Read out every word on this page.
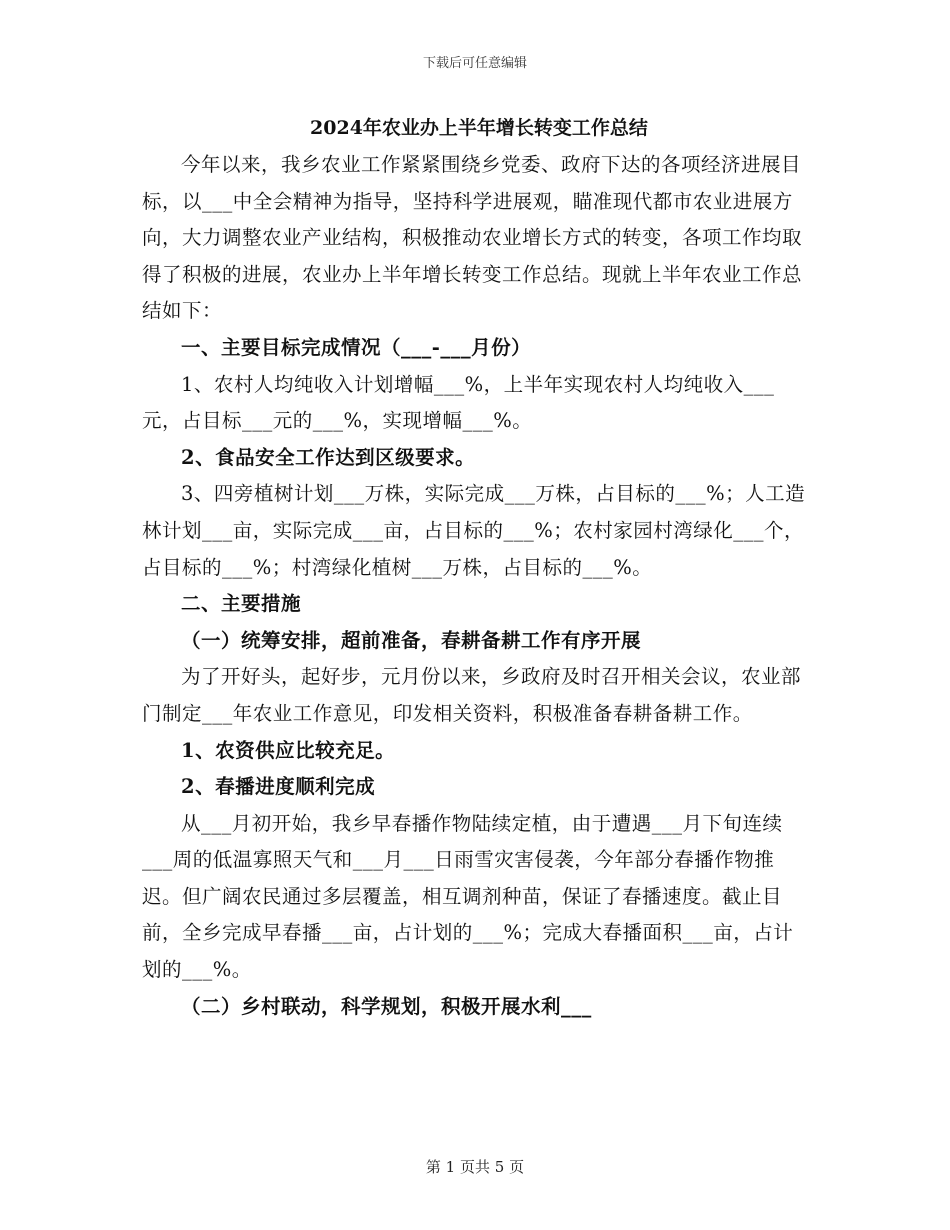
下载后可任意编辑
2024年农业办上半年增长转变工作总结

今年以来，我乡农业工作紧紧围绕乡党委、政府下达的各项经济进展目标，以___中全会精神为指导，坚持科学进展观，瞄准现代都市农业进展方向，大力调整农业产业结构，积极推动农业增长方式的转变，各项工作均取得了积极的进展，农业办上半年增长转变工作总结。现就上半年农业工作总结如下：

一、主要目标完成情况（___-___月份）

1、农村人均纯收入计划增幅___%，上半年实现农村人均纯收入___元，占目标___元的___%，实现增幅___%。

2、食品安全工作达到区级要求。

3、四旁植树计划___万株，实际完成___万株，占目标的___%；人工造林计划___亩，实际完成___亩，占目标的___%；农村家园村湾绿化___个，占目标的___%；村湾绿化植树___万株，占目标的___%。

二、主要措施

（一）统筹安排，超前准备，春耕备耕工作有序开展

为了开好头，起好步，元月份以来，乡政府及时召开相关会议，农业部门制定___年农业工作意见，印发相关资料，积极准备春耕备耕工作。

1、农资供应比较充足。

2、春播进度顺利完成

从___月初开始，我乡早春播作物陆续定植，由于遭遇___月下旬连续___周的低温寡照天气和___月___日雨雪灾害侵袭，今年部分春播作物推迟。但广阔农民通过多层覆盖，相互调剂种苗，保证了春播速度。截止目前，全乡完成早春播___亩，占计划的___%；完成大春播面积___亩，占计划的___%。

（二）乡村联动，科学规划，积极开展水利___

第 1 页共 5 页
